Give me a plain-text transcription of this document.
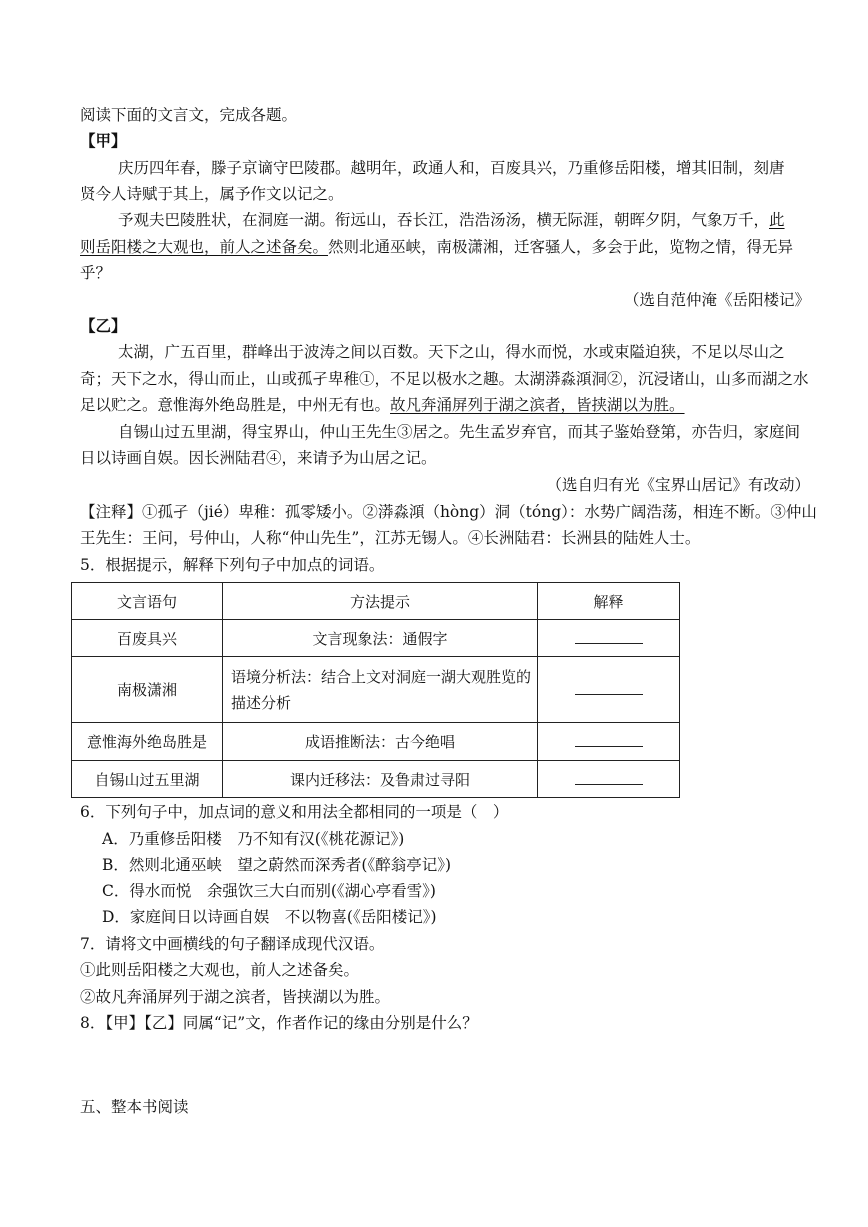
阅读下面的文言文，完成各题。
【甲】
庆历四年春，滕子京谪守巴陵郡。越明年，政通人和，百废具兴，乃重修岳阳楼，增其旧制，刻唐
贤今人诗赋于其上，属予作文以记之。
予观夫巴陵胜状，在洞庭一湖。衔远山，吞长江，浩浩汤汤，横无际涯，朝晖夕阴，气象万千，此
则岳阳楼之大观也，前人之述备矣。然则北通巫峡，南极潇湘，迁客骚人，多会于此，览物之情，得无异
乎？
（选自范仲淹《岳阳楼记》
【乙】
太湖，广五百里，群峰出于波涛之间以百数。天下之山，得水而悦，水或束隘迫狭，不足以尽山之
奇；天下之水，得山而止，山或孤孑卑稚①，不足以极水之趣。太湖漭淼澒洞②，沉浸诸山，山多而湖之水
足以贮之。意惟海外绝岛胜是，中州无有也。故凡奔涌屏列于湖之滨者，皆挟湖以为胜。
自锡山过五里湖，得宝界山，仲山王先生③居之。先生孟岁弃官，而其子鉴始登第，亦告归，家庭间
日以诗画自娱。因长洲陆君④，来请予为山居之记。
（选自归有光《宝界山居记》有改动）
【注释】①孤孑（jié）卑稚：孤零矮小。②漭淼澒（hòng）洞（tóng）：水势广阔浩荡，相连不断。③仲山
王先生：王问，号仲山，人称“仲山先生”，江苏无锡人。④长洲陆君：长洲县的陆姓人士。
5．根据提示，解释下列句子中加点的词语。
文言语句	方法提示	解释
百废具兴	文言现象法：通假字	
南极潇湘	语境分析法：结合上文对洞庭一湖大观胜览的描述分析	
意惟海外绝岛胜是	成语推断法：古今绝唱	
自锡山过五里湖	课内迁移法：及鲁肃过寻阳	
6．下列句子中，加点词的意义和用法全都相同的一项是（　）
A．乃重修岳阳楼　乃不知有汉(《桃花源记》)
B．然则北通巫峡　望之蔚然而深秀者(《醉翁亭记》)
C．得水而悦　余强饮三大白而别(《湖心亭看雪》)
D．家庭间日以诗画自娱　不以物喜(《岳阳楼记》)
7．请将文中画横线的句子翻译成现代汉语。
①此则岳阳楼之大观也，前人之述备矣。
②故凡奔涌屏列于湖之滨者，皆挟湖以为胜。
8．【甲】【乙】同属“记”文，作者作记的缘由分别是什么？
五、整本书阅读
